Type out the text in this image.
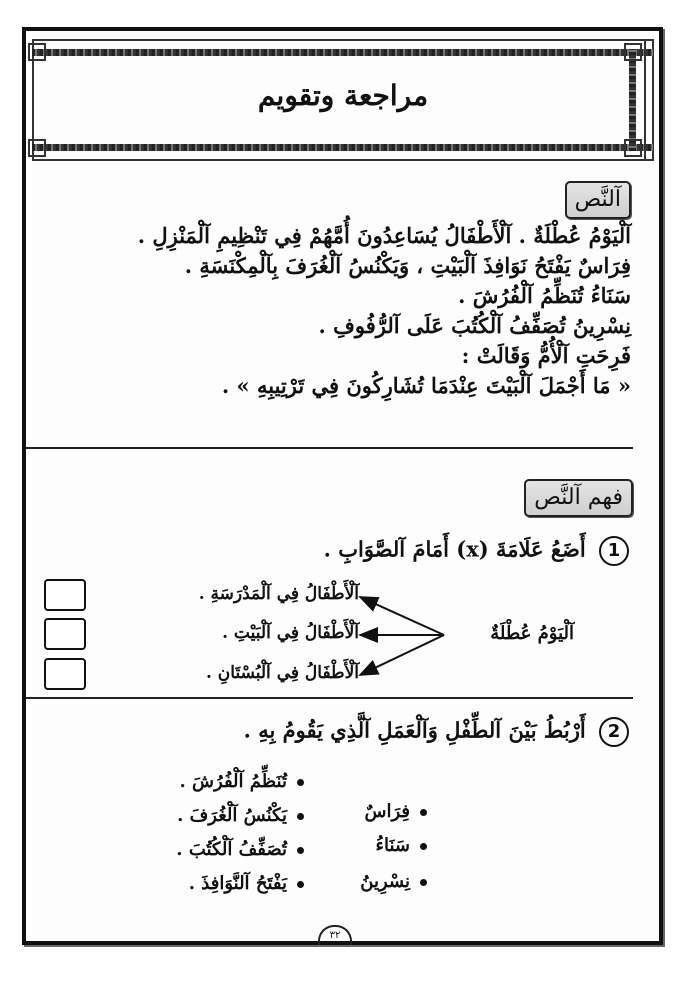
مراجعة وتقويم
آلنَّص
آلْيَوْمُ عُطْلَةٌ . آلْأَطْفَالُ يُسَاعِدُونَ أُمَّهُمْ فِي تَنْظِيمِ آلْمَنْزِلِ .
فِرَاسٌ يَفْتَحُ نَوَافِذَ آلْبَيْتِ ، وَيَكْنُسُ آلْغُرَفَ بِآلْمِكْنَسَةِ .
سَنَاءُ تُنَظِّمُ آلْفُرُشَ .
نِسْرِينُ تُصَفِّفُ آلْكُتُبَ عَلَى آلرُّفُوفِ .
فَرِحَتِ آلْأُمُّ وَقَالَتْ :
« مَا أَجْمَلَ آلْبَيْتَ عِنْدَمَا تُشَارِكُونَ فِي تَرْتِيبِهِ » .
فهم آلنَّص
1 أَضَعُ عَلَامَةَ (x) أَمَامَ آلصَّوَابِ .
آلْأَطْفَالُ فِي آلْمَدْرَسَةِ .
آلْأَطْفَالُ فِي آلْبَيْتِ .
آلْأَطْفَالُ فِي آلْبُسْتَانِ .
آلْيَوْمُ عُطْلَةٌ
2 أَرْبُطُ بَيْنَ آلطِّفْلِ وَآلْعَمَلِ آلَّذِي يَقُومُ بِهِ .
فِرَاسٌ
سَنَاءُ
نِسْرِينُ
تُنَظِّمُ آلْفُرُشَ .
يَكْنُسُ آلْغُرَفَ .
تُصَفِّفُ آلْكُتُبَ .
يَفْتَحُ آلنَّوَافِذَ .
٣٢
